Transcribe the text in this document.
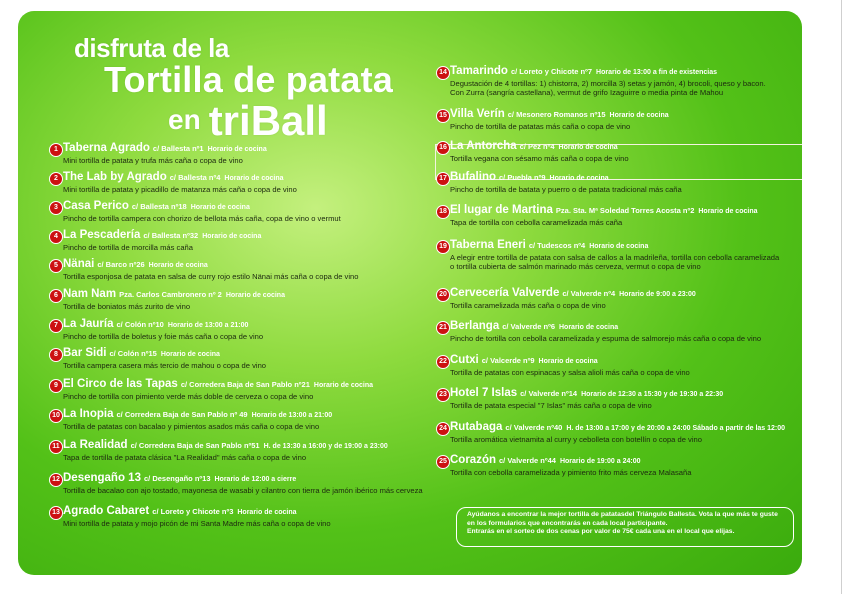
disfruta de la
Tortilla de patata
en triBall
1 Taberna Agrado c/ Ballesta nº1 Horario de cocina
Mini tortilla de patata y trufa más caña o copa de vino
2 The Lab by Agrado c/ Ballesta nº4 Horario de cocina
Mini tortilla de patata y picadillo de matanza más caña o copa de vino
3 Casa Perico c/ Ballesta nº18 Horario de cocina
Pincho de tortilla campera con chorizo de bellota más caña, copa de vino o vermut
4 La Pescadería c/ Ballesta nº32 Horario de cocina
Pincho de tortilla de morcilla más caña
5 Nänai c/ Barco nº26 Horario de cocina
Tortilla esponjosa de patata en salsa de curry rojo estilo Nänai más caña o copa de vino
6 Nam Nam Pza. Carlos Cambronero nº 2 Horario de cocina
Tortilla de boniatos más zurito de vino
7 La Jauría c/ Colón nº10 Horario de 13:00 a 21:00
Pincho de tortilla de boletus y foie más caña o copa de vino
8 Bar Sidi c/ Colón nº15 Horario de cocina
Tortilla campera casera más tercio de mahou o copa de vino
9 El Circo de las Tapas c/ Corredera Baja de San Pablo nº21 Horario de cocina
Pincho de tortilla con pimiento verde más doble de cerveza o copa de vino
10 La Inopia c/ Corredera Baja de San Pablo nº 49 Horario de 13:00 a 21:00
Tortilla de patatas con bacalao y pimientos asados más caña o copa de vino
11 La Realidad c/ Corredera Baja de San Pablo nº51 H. de 13:30 a 16:00 y de 19:00 a 23:00
Tapa de tortilla de patata clásica "La Realidad" más caña o copa de vino
12 Desengaño 13 c/ Desengaño nº13 Horario de 12:00 a cierre
Tortilla de bacalao con ajo tostado, mayonesa de wasabi y cilantro con tierra de jamón ibérico más cerveza
13 Agrado Cabaret c/ Loreto y Chicote nº3 Horario de cocina
Mini tortilla de patata y mojo picón de mi Santa Madre más caña o copa de vino
14 Tamarindo c/ Loreto y Chicote nº7 Horario de 13:00 a fin de existencias
Degustación de 4 tortillas: 1) chistorra, 2) morcilla 3) setas y jamón, 4) brocoli, queso y bacon.
Con Zurra (sangría castellana), vermut de grifo Izaguirre o media pinta de Mahou
15 Villa Verín c/ Mesonero Romanos nº15 Horario de cocina
Pincho de tortilla de patatas más caña o copa de vino
16 La Antorcha c/ Pez nº4 Horario de cocina
Tortilla vegana con sésamo más caña o copa de vino
17 Bufalino c/ Puebla nº9 Horario de cocina
Pincho de tortilla de batata y puerro o de patata tradicional más caña
18 El lugar de Martina Pza. Sta. Mª Soledad Torres Acosta nº2 Horario de cocina
Tapa de tortilla con cebolla caramelizada más caña
19 Taberna Eneri c/ Tudescos nº4 Horario de cocina
A elegir entre tortilla de patata con salsa de callos a la madrileña, tortilla con cebolla caramelizada
o tortilla cubierta de salmón marinado más cerveza, vermut o copa de vino
20 Cervecería Valverde c/ Valverde nº4 Horario de 9:00 a 23:00
Tortilla caramelizada más caña o copa de vino
21 Berlanga c/ Valverde nº6 Horario de cocina
Pincho de tortilla con cebolla caramelizada y espuma de salmorejo más caña o copa de vino
22 Cutxi c/ Valcerde nº9 Horario de cocina
Tortilla de patatas con espinacas y salsa alioli más caña o copa de vino
23 Hotel 7 Islas c/ Valverde nº14 Horario de 12:30 a 15:30 y de 19:30 a 22:30
Tortilla de patata especial "7 Islas" más caña o copa de vino
24 Rutabaga c/ Valverde nº40 H. de 13:00 a 17:00 y de 20:00 a 24:00 Sábado a partir de las 12:00
Tortilla aromática vietnamita al curry y cebolleta con botellín o copa de vino
25 Corazón c/ Valverde nº44 Horario de 19:00 a 24:00
Tortilla con cebolla caramelizada y pimiento frito más cerveza Malasaña
Ayúdanos a encontrar la mejor tortilla de patatasdel Triángulo Ballesta. Vota la que más te guste
en los formularios que encontrarás en cada local participante.
Entrarás en el sorteo de dos cenas por valor de 75€ cada una en el local que elijas.
